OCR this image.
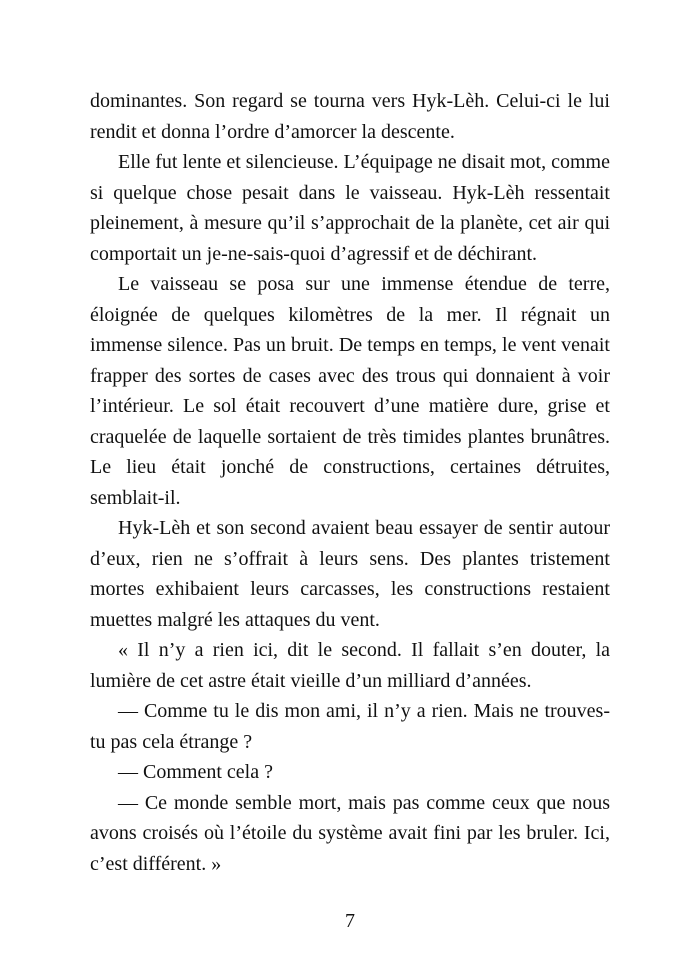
dominantes. Son regard se tourna vers Hyk-Lèh. Celui-ci le lui rendit et donna l’ordre d’amorcer la descente.

Elle fut lente et silencieuse. L’équipage ne disait mot, comme si quelque chose pesait dans le vaisseau. Hyk-Lèh ressentait pleinement, à mesure qu’il s’approchait de la planète, cet air qui comportait un je-ne-sais-quoi d’agressif et de déchirant.

Le vaisseau se posa sur une immense étendue de terre, éloignée de quelques kilomètres de la mer. Il régnait un immense silence. Pas un bruit. De temps en temps, le vent venait frapper des sortes de cases avec des trous qui donnaient à voir l’intérieur. Le sol était recouvert d’une matière dure, grise et craquelée de laquelle sortaient de très timides plantes brunâtres. Le lieu était jonché de constructions, certaines détruites, semblait-il.

Hyk-Lèh et son second avaient beau essayer de sentir autour d’eux, rien ne s’offrait à leurs sens. Des plantes tristement mortes exhibaient leurs carcasses, les constructions restaient muettes malgré les attaques du vent.

« Il n’y a rien ici, dit le second. Il fallait s’en douter, la lumière de cet astre était vieille d’un milliard d’années.

— Comme tu le dis mon ami, il n’y a rien. Mais ne trouves-tu pas cela étrange ?

— Comment cela ?

— Ce monde semble mort, mais pas comme ceux que nous avons croisés où l’étoile du système avait fini par les bruler. Ici, c’est différent. »

7
